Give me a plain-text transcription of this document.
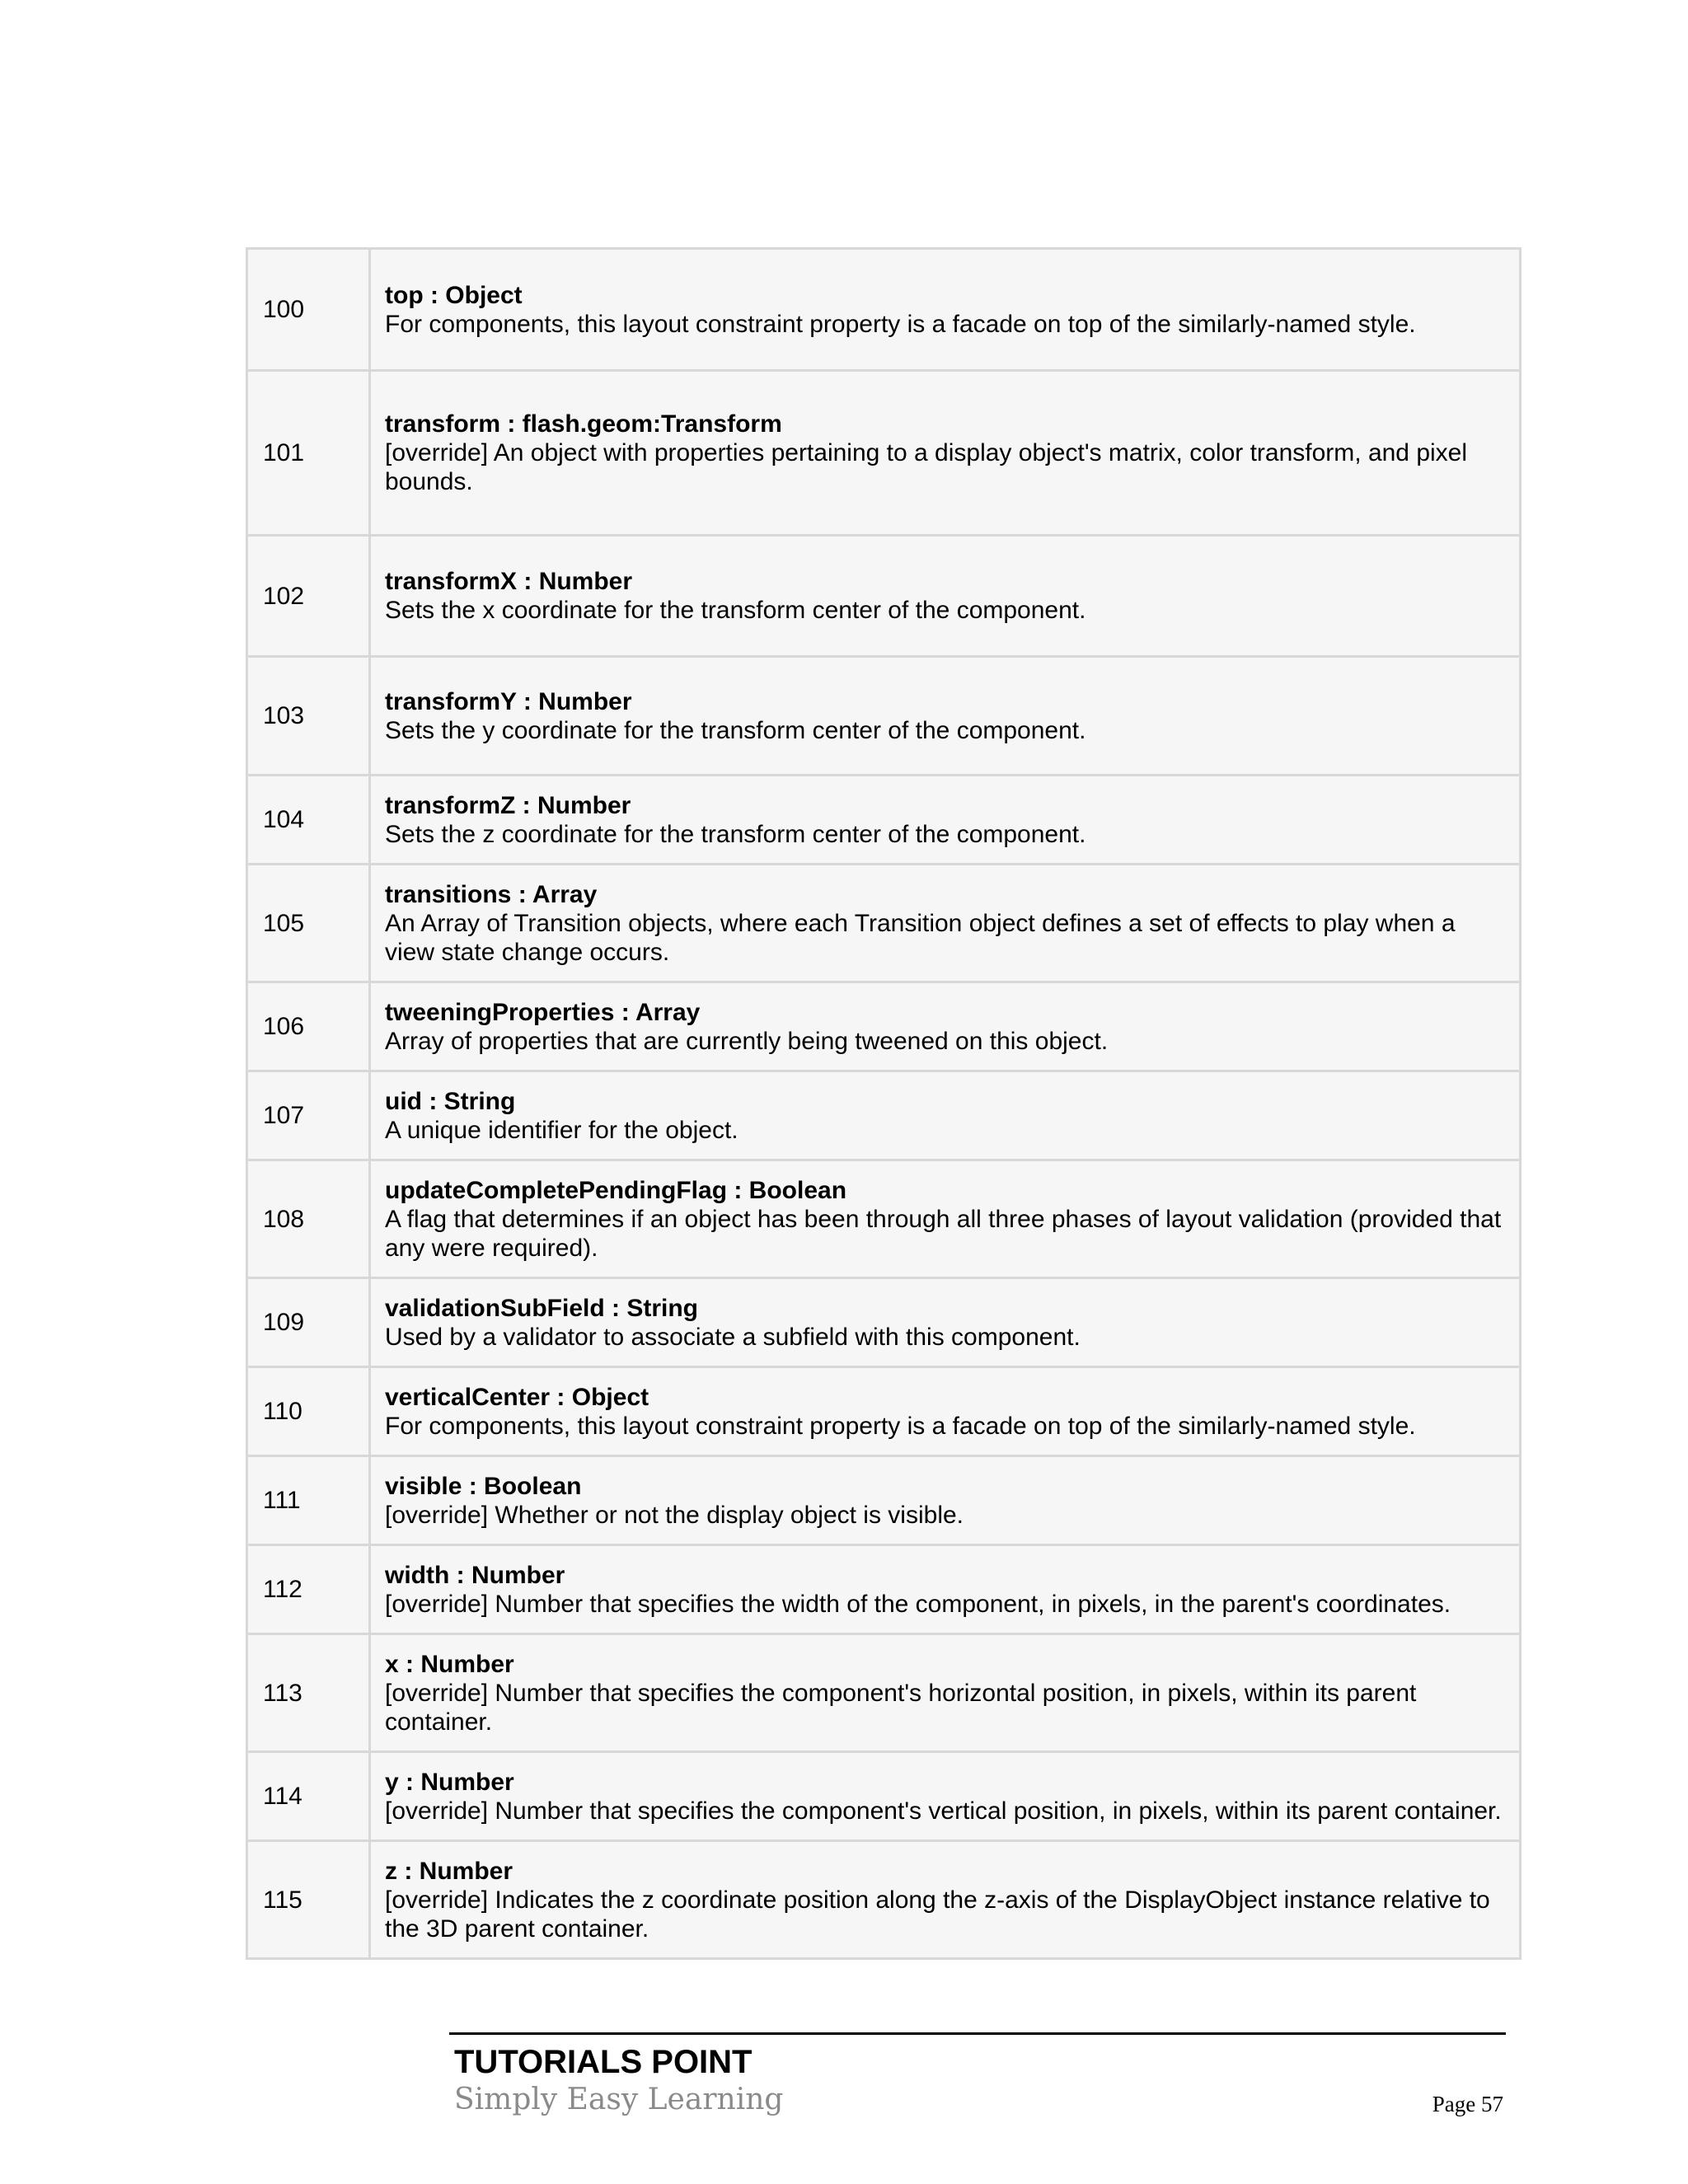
100	top : Object
For components, this layout constraint property is a facade on top of the similarly-named style.

101	transform : flash.geom:Transform
[override] An object with properties pertaining to a display object's matrix, color transform, and pixel bounds.

102	transformX : Number
Sets the x coordinate for the transform center of the component.

103	transformY : Number
Sets the y coordinate for the transform center of the component.

104	transformZ : Number
Sets the z coordinate for the transform center of the component.

105	transitions : Array
An Array of Transition objects, where each Transition object defines a set of effects to play when a view state change occurs.

106	tweeningProperties : Array
Array of properties that are currently being tweened on this object.

107	uid : String
A unique identifier for the object.

108	updateCompletePendingFlag : Boolean
A flag that determines if an object has been through all three phases of layout validation (provided that any were required).

109	validationSubField : String
Used by a validator to associate a subfield with this component.

110	verticalCenter : Object
For components, this layout constraint property is a facade on top of the similarly-named style.

111	visible : Boolean
[override] Whether or not the display object is visible.

112	width : Number
[override] Number that specifies the width of the component, in pixels, in the parent's coordinates.

113	x : Number
[override] Number that specifies the component's horizontal position, in pixels, within its parent container.

114	y : Number
[override] Number that specifies the component's vertical position, in pixels, within its parent container.

115	z : Number
[override] Indicates the z coordinate position along the z-axis of the DisplayObject instance relative to the 3D parent container.
TUTORIALS POINT
Simply Easy Learning	Page 57
